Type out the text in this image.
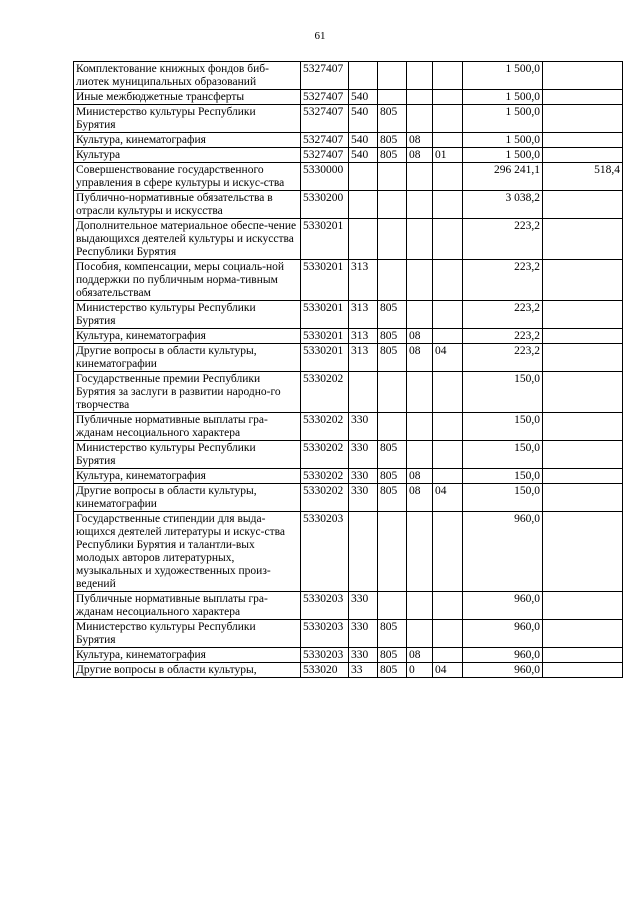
61
Комплектование книжных фондов биб-лиотек муниципальных образований	5327407					1 500,0	
Иные межбюджетные трансферты	5327407	540				1 500,0	
Министерство культуры Республики Бурятия	5327407	540	805			1 500,0	
Культура, кинематография	5327407	540	805	08		1 500,0	
Культура	5327407	540	805	08	01	1 500,0	
Совершенствование государственного управления в сфере культуры и искус-ства	5330000					296 241,1	518,4
Публично-нормативные обязательства в отрасли культуры и искусства	5330200					3 038,2	
Дополнительное материальное обеспе-чение выдающихся деятелей культуры и искусства Республики Бурятия	5330201					223,2	
Пособия, компенсации, меры социаль-ной поддержки по публичным норма-тивным обязательствам	5330201	313				223,2	
Министерство культуры Республики Бурятия	5330201	313	805			223,2	
Культура, кинематография	5330201	313	805	08		223,2	
Другие вопросы в области культуры, кинематографии	5330201	313	805	08	04	223,2	
Государственные премии Республики Бурятия за заслуги в развитии народно-го творчества	5330202					150,0	
Публичные нормативные выплаты гра-жданам несоциального характера	5330202	330				150,0	
Министерство культуры Республики Бурятия	5330202	330	805			150,0	
Культура, кинематография	5330202	330	805	08		150,0	
Другие вопросы в области культуры, кинематографии	5330202	330	805	08	04	150,0	
Государственные стипендии для выда-ющихся деятелей литературы и искус-ства Республики Бурятия и талантли-вых молодых авторов литературных, музыкальных и художественных произ-ведений	5330203					960,0	
Публичные нормативные выплаты гра-жданам несоциального характера	5330203	330				960,0	
Министерство культуры Республики Бурятия	5330203	330	805			960,0	
Культура, кинематография	5330203	330	805	08		960,0	
Другие вопросы в области культуры,	533020	33	805	0	04	960,0	
